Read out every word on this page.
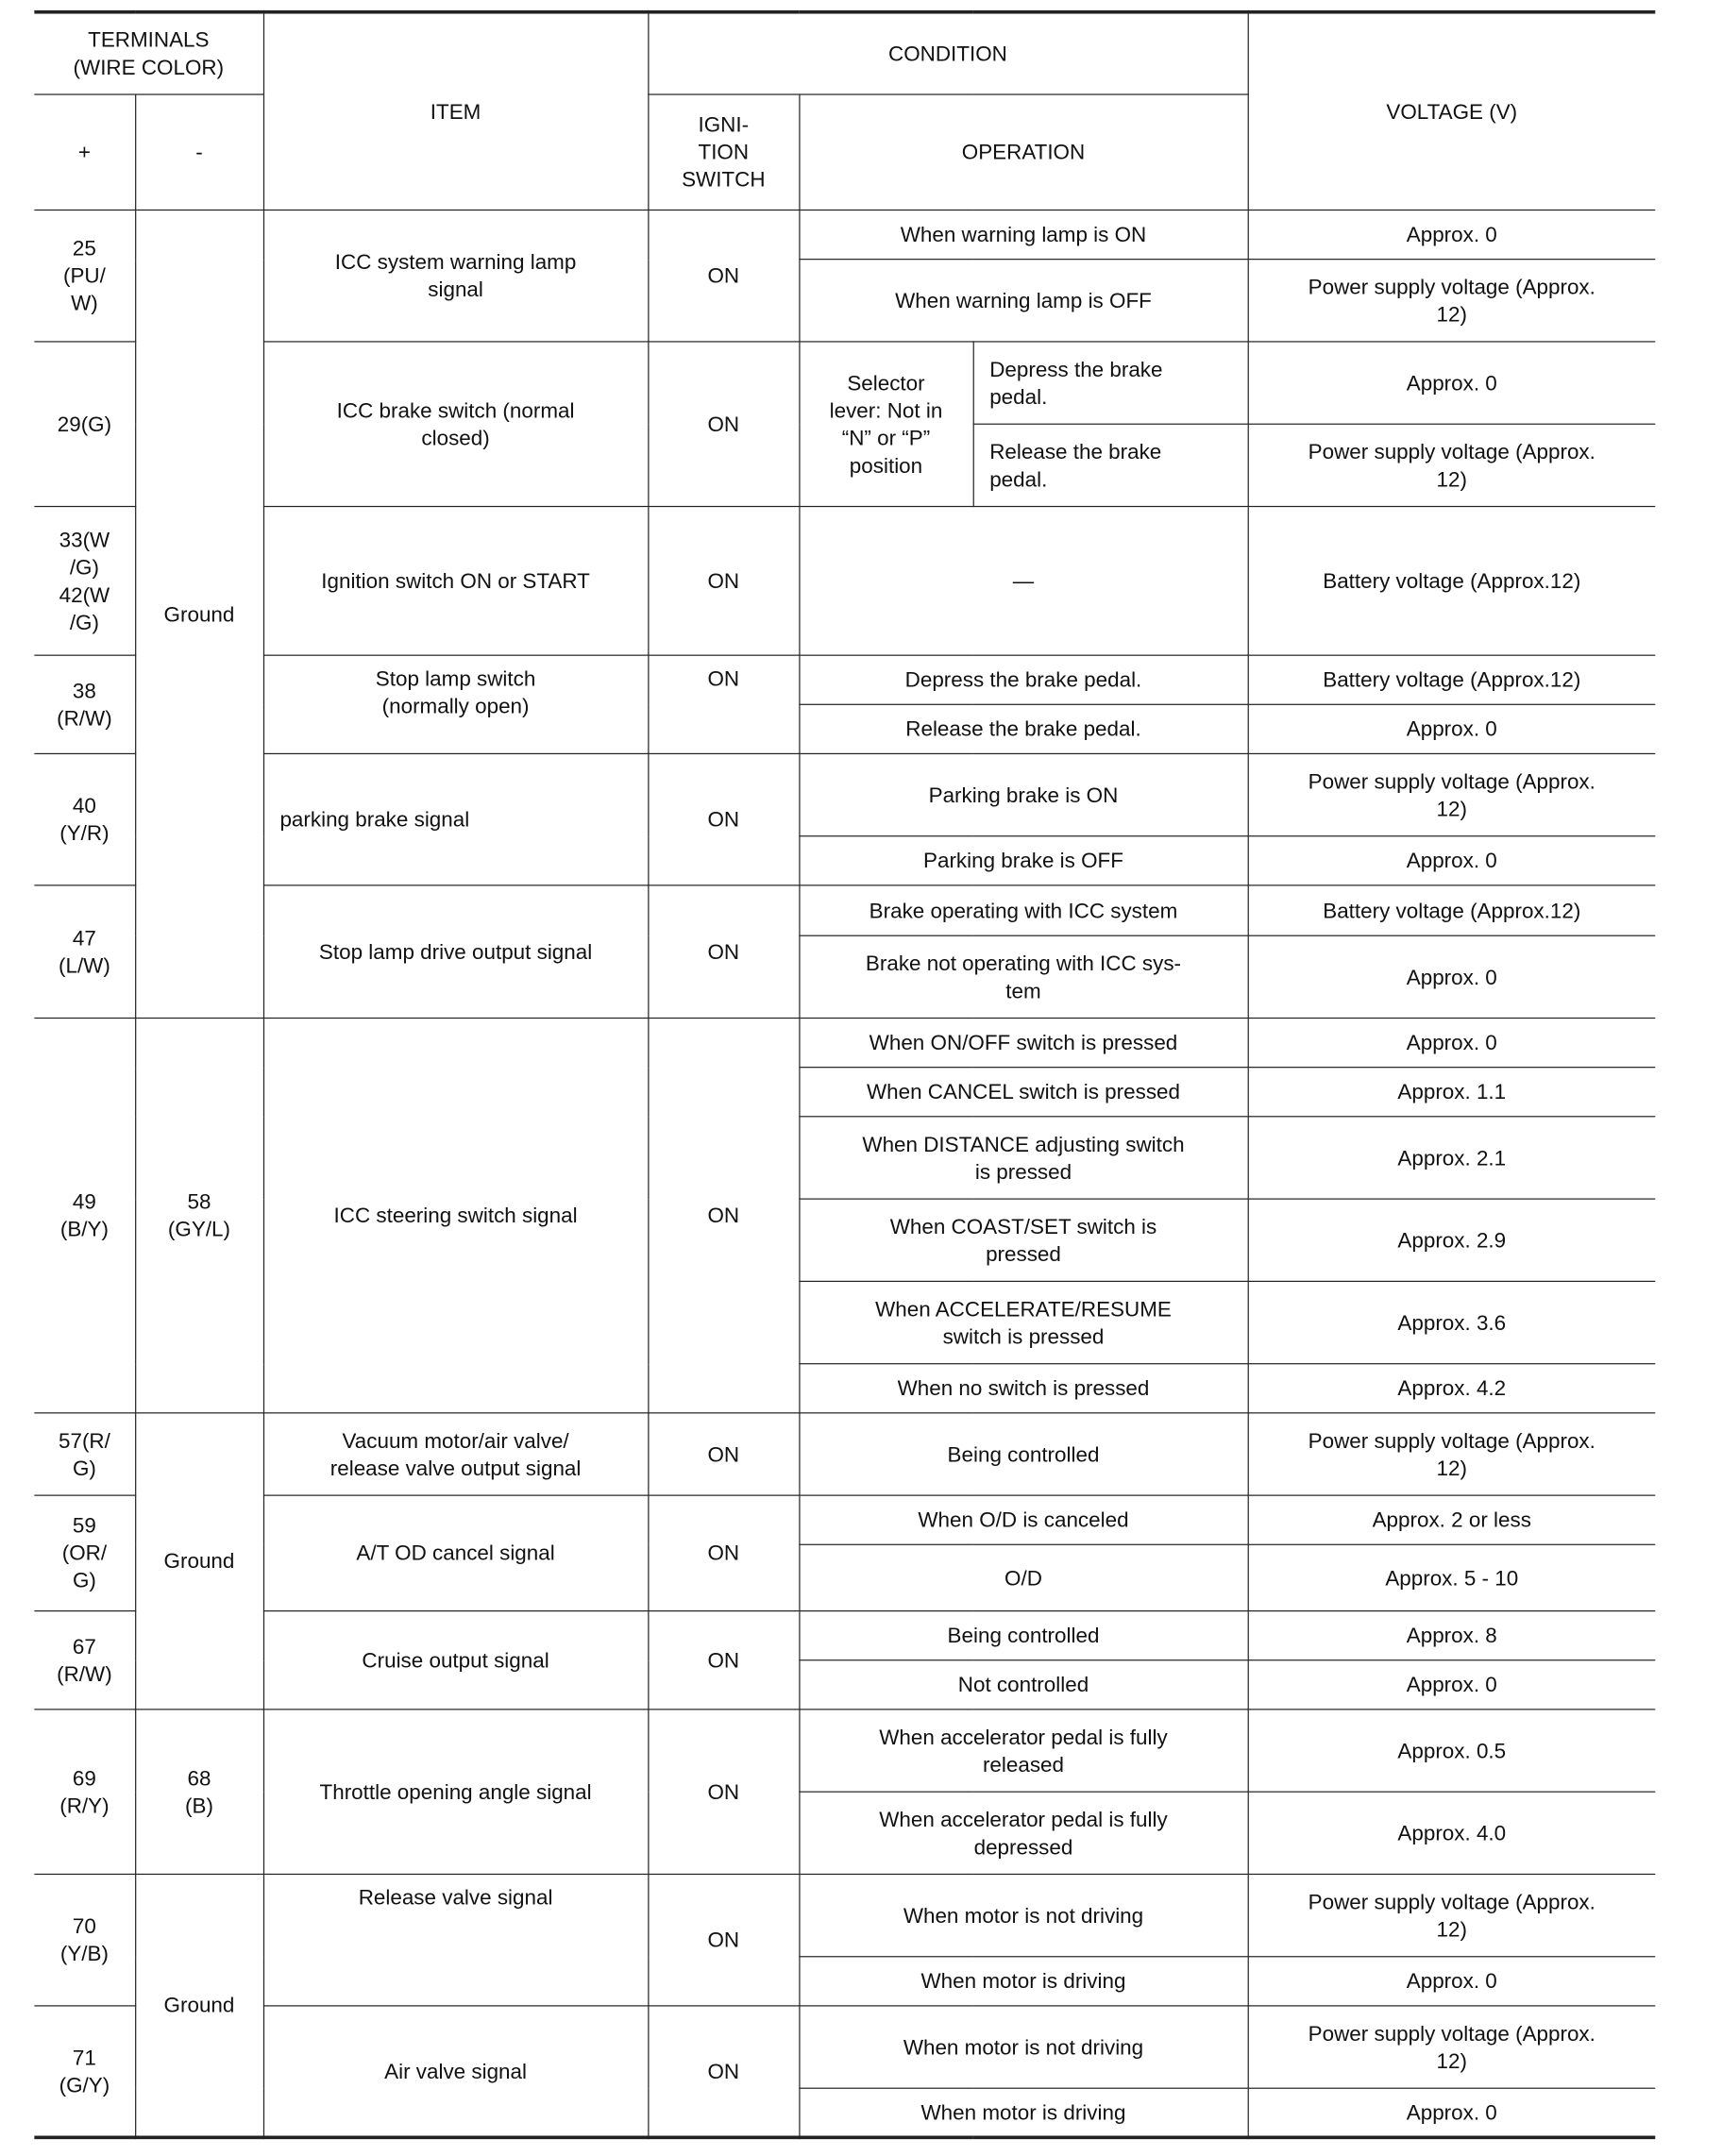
TERMINALS
(WIRE COLOR)		ITEM	CONDITION			VOLTAGE (V)
+	-		IGNI-
TION
SWITCH	OPERATION		
25
(PU/
W)	Ground	ICC system warning lamp
signal	ON	When warning lamp is ON		Approx. 0
				When warning lamp is OFF		Power supply voltage (Approx.
12)
29(G)		ICC brake switch (normal
closed)	ON	Selector
lever: Not in
“N” or “P”
position	Depress the brake
pedal.	Approx. 0
					Release the brake
pedal.	Power supply voltage (Approx.
12)
33(W
/G)
42(W
/G)		Ignition switch ON or START	ON	—		Battery voltage (Approx.12)
38
(R/W)		Stop lamp switch
(normally open)	ON	Depress the brake pedal.		Battery voltage (Approx.12)
				Release the brake pedal.		Approx. 0
40
(Y/R)		parking brake signal	ON	Parking brake is ON		Power supply voltage (Approx.
12)
				Parking brake is OFF		Approx. 0
47
(L/W)		Stop lamp drive output signal	ON	Brake operating with ICC system		Battery voltage (Approx.12)
				Brake not operating with ICC sys-
tem		Approx. 0
49
(B/Y)	58
(GY/L)	ICC steering switch signal	ON	When ON/OFF switch is pressed		Approx. 0
				When CANCEL switch is pressed		Approx. 1.1
				When DISTANCE adjusting switch
is pressed		Approx. 2.1
				When COAST/SET switch is
pressed		Approx. 2.9
				When ACCELERATE/RESUME
switch is pressed		Approx. 3.6
				When no switch is pressed		Approx. 4.2
57(R/
G)	Ground	Vacuum motor/air valve/
release valve output signal	ON	Being controlled		Power supply voltage (Approx.
12)
59
(OR/
G)		A/T OD cancel signal	ON	When O/D is canceled		Approx. 2 or less
				O/D		Approx. 5 - 10
67
(R/W)		Cruise output signal	ON	Being controlled		Approx. 8
				Not controlled		Approx. 0
69
(R/Y)	68
(B)	Throttle opening angle signal	ON	When accelerator pedal is fully
released		Approx. 0.5
				When accelerator pedal is fully
depressed		Approx. 4.0
70
(Y/B)	Ground	Release valve signal	ON	When motor is not driving		Power supply voltage (Approx.
12)
				When motor is driving		Approx. 0
71
(G/Y)		Air valve signal	ON	When motor is not driving		Power supply voltage (Approx.
12)
				When motor is driving		Approx. 0
